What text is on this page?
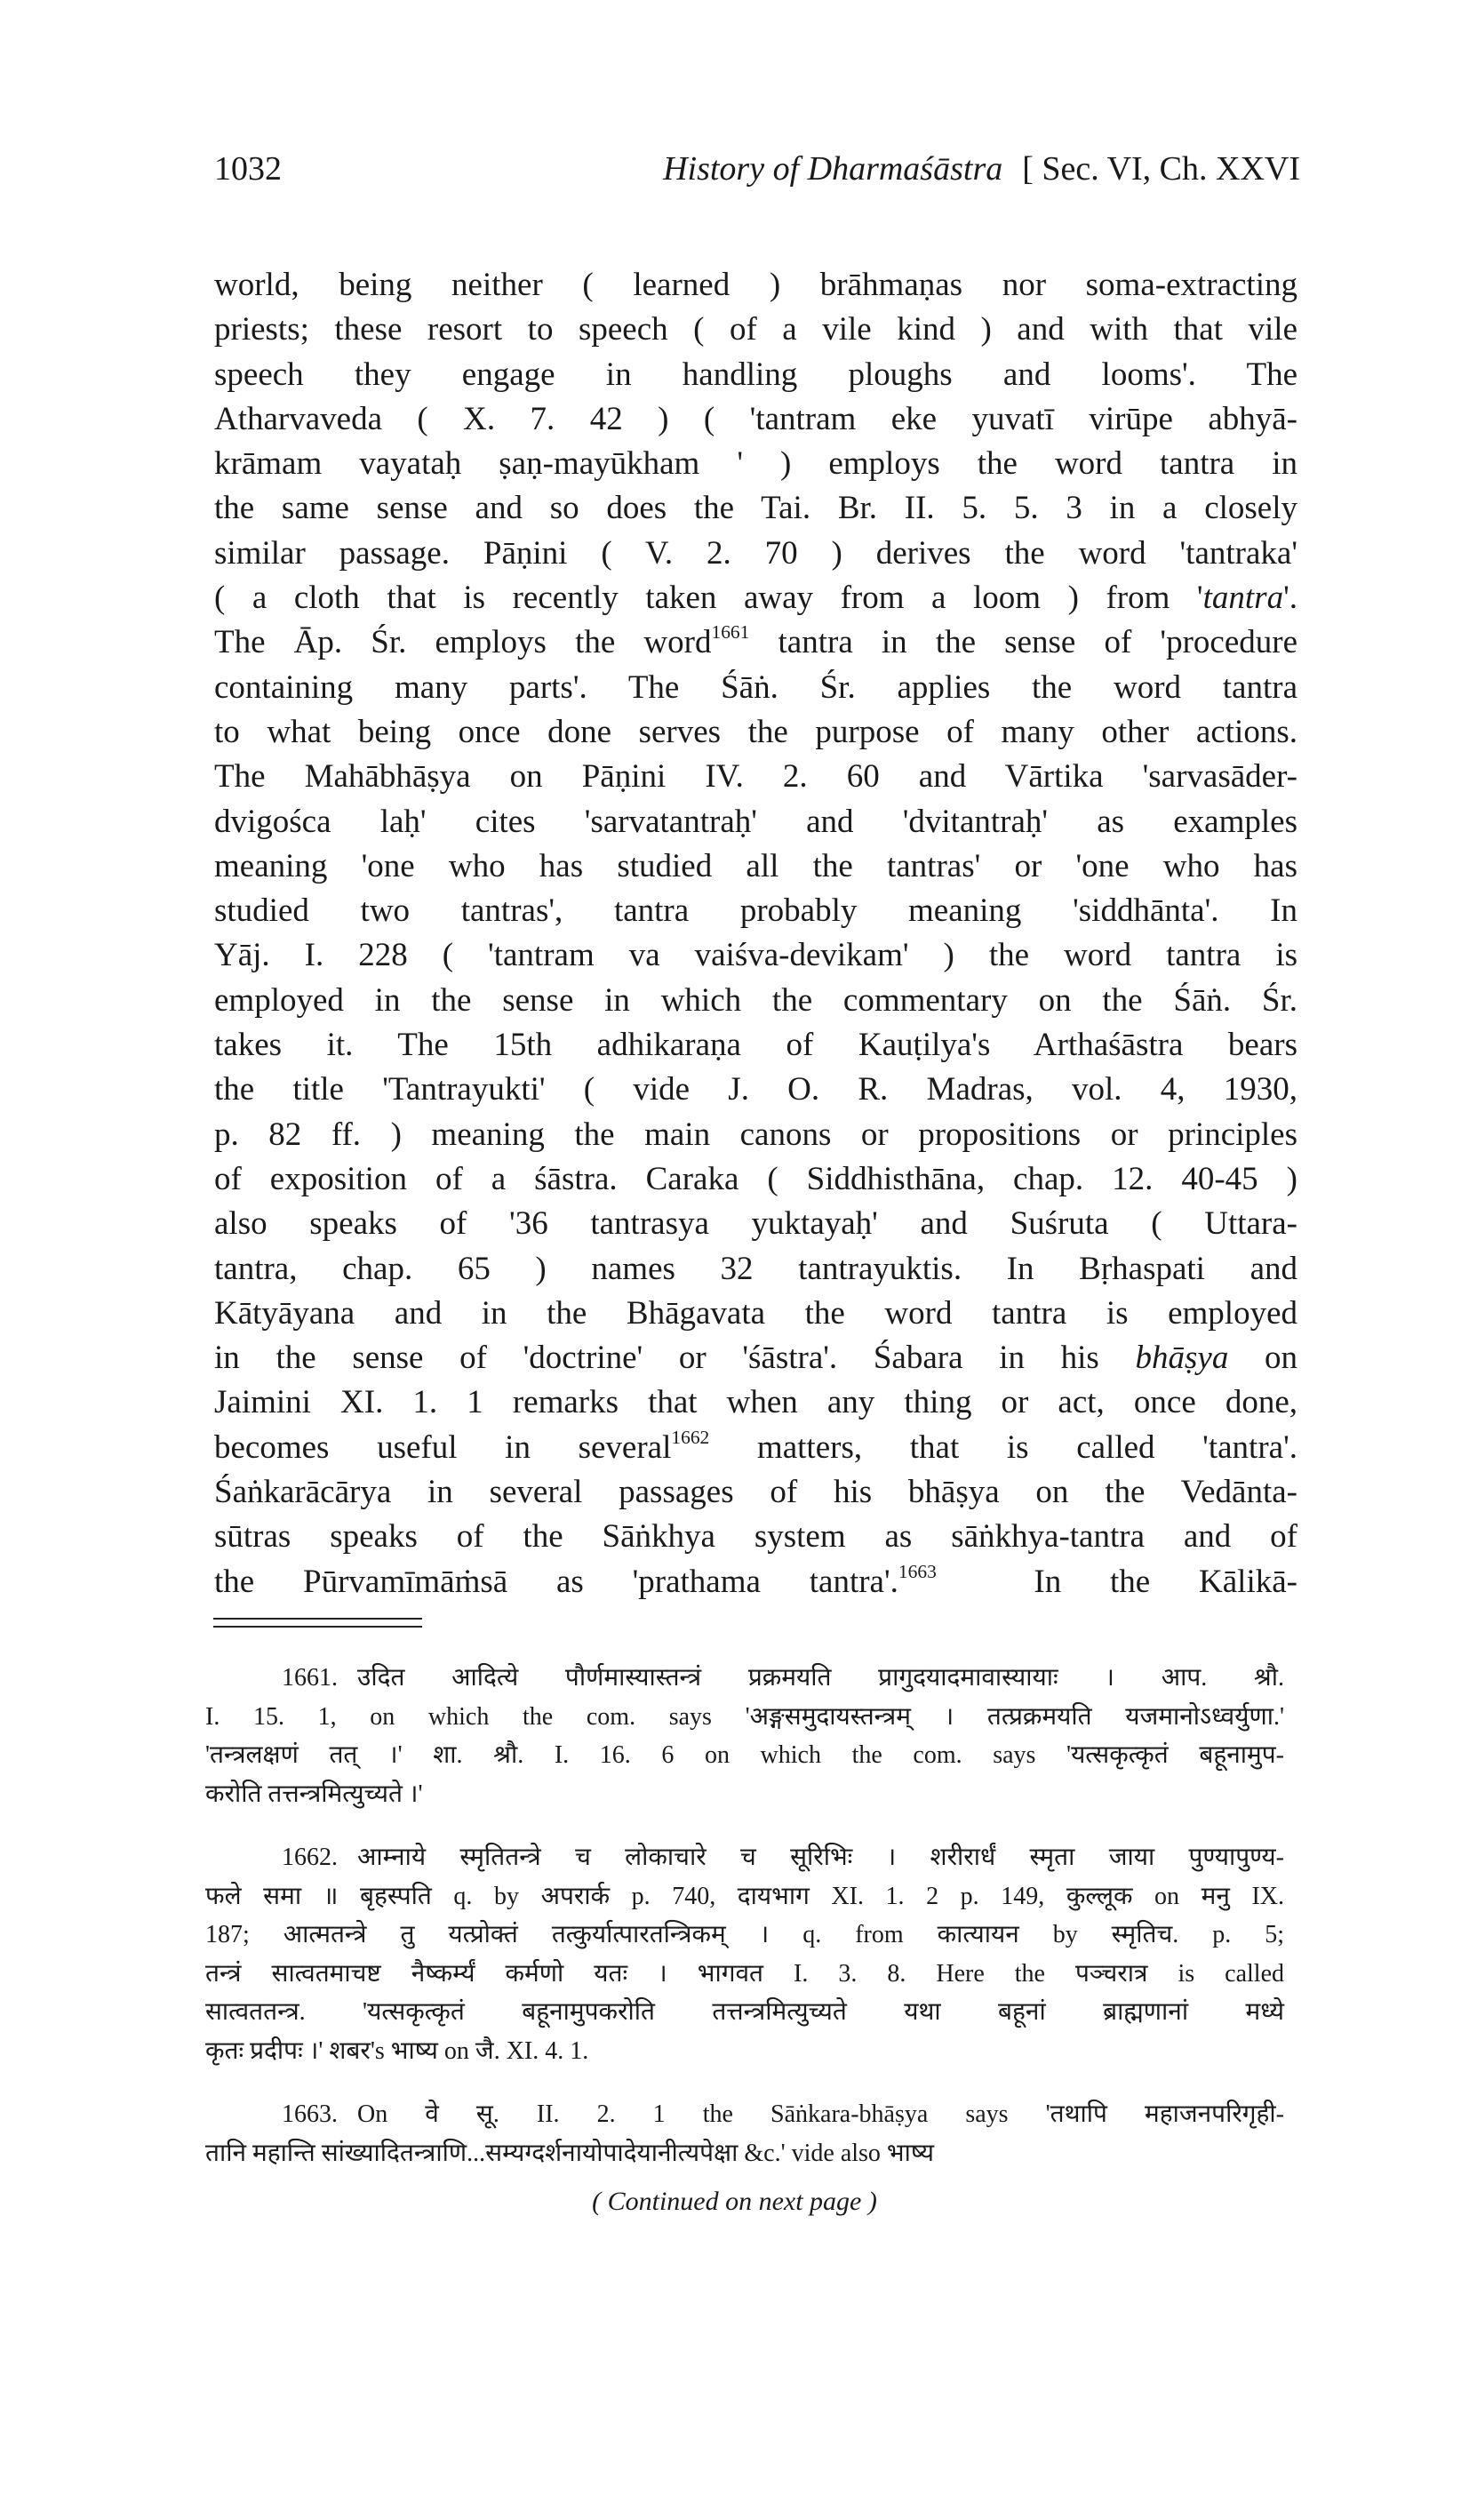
1032	History of Dharmaśāstra [ Sec. VI, Ch. XXVI
world, being neither ( learned ) brāhmaṇas nor soma-extracting
priests; these resort to speech ( of a vile kind ) and with that vile
speech they engage in handling ploughs and looms'. The
Atharvaveda ( X. 7. 42 ) ( 'tantram eke yuvatī virūpe abhyā-
krāmam vayataḥ ṣaṇ-mayūkham ' ) employs the word tantra in
the same sense and so does the Tai. Br. II. 5. 5. 3 in a closely
similar passage. Pāṇini ( V. 2. 70 ) derives the word 'tantraka'
( a cloth that is recently taken away from a loom ) from 'tantra'.
The Āp. Śr. employs the word$^{1661}$ tantra in the sense of 'procedure
containing many parts'. The Śāṅ. Śr. applies the word tantra
to what being once done serves the purpose of many other actions.
The Mahābhāṣya on Pāṇini IV. 2. 60 and Vārtika 'sarvasāder-
dvigośca laḥ' cites 'sarvatantraḥ' and 'dvitantraḥ' as examples
meaning 'one who has studied all the tantras' or 'one who has
studied two tantras', tantra probably meaning 'siddhānta'. In
Yāj. I. 228 ( 'tantram va vaiśva-devikam' ) the word tantra is
employed in the sense in which the commentary on the Śāṅ. Śr.
takes it. The 15th adhikaraṇa of Kauṭilya's Arthaśāstra bears
the title 'Tantrayukti' ( vide J. O. R. Madras, vol. 4, 1930,
p. 82 ff. ) meaning the main canons or propositions or principles
of exposition of a śāstra. Caraka ( Siddhisthāna, chap. 12. 40-45 )
also speaks of '36 tantrasya yuktayaḥ' and Suśruta ( Uttara-
tantra, chap. 65 ) names 32 tantrayuktis. In Bṛhaspati and
Kātyāyana and in the Bhāgavata the word tantra is employed
in the sense of 'doctrine' or 'śāstra'. Śabara in his bhāṣya on
Jaimini XI. 1. 1 remarks that when any thing or act, once done,
becomes useful in several$^{1662}$ matters, that is called 'tantra'.
Śaṅkarācārya in several passages of his bhāṣya on the Vedānta-
sūtras speaks of the Sāṅkhya system as sāṅkhya-tantra and of
the Pūrvamīmāṁsā as 'prathama tantra'.$^{1663}$  In the Kālikā-
1661. उदित आदित्ये पौर्णमास्यास्तन्त्रं प्रक्रमयति प्रागुदयादमावास्यायाः । आप. श्रौ.
I. 15. 1, on which the com. says 'अङ्गसमुदायस्तन्त्रम् । तत्प्रक्रमयति यजमानोऽध्वर्युणा.'
'तन्त्रलक्षणं तत् ।' शा. श्रौ. I. 16. 6 on which the com. says 'यत्सकृत्कृतं बहूनामुप-
करोति तत्तन्त्रमित्युच्यते ।'
1662. आम्नाये स्मृतितन्त्रे च लोकाचारे च सूरिभिः । शरीरार्धं स्मृता जाया पुण्यापुण्य-
फले समा ॥ बृहस्पति q. by अपरार्क p. 740, दायभाग XI. 1. 2 p. 149, कुल्लूक on मनु IX.
187; आत्मतन्त्रे तु यत्प्रोक्तं तत्कुर्यात्पारतन्त्रिकम् । q. from कात्यायन by स्मृतिच. p. 5;
तन्त्रं सात्वतमाचष्ट नैष्कर्म्यं कर्मणो यतः । भागवत I. 3. 8. Here the पञ्चरात्र is called
सात्वततन्त्र. 'यत्सकृत्कृतं बहूनामुपकरोति तत्तन्त्रमित्युच्यते यथा बहूनां ब्राह्मणानां मध्ये
कृतः प्रदीपः ।' शबर's भाष्य on जै. XI. 4. 1.
1663. On वे सू. II. 2. 1 the Sāṅkara-bhāṣya says 'तथापि महाजनपरिगृही-
तानि महान्ति सांख्यादितन्त्राणि...सम्यग्दर्शनायोपादेयानीत्यपेक्षा &c.' vide also भाष्य
( Continued on next page )
